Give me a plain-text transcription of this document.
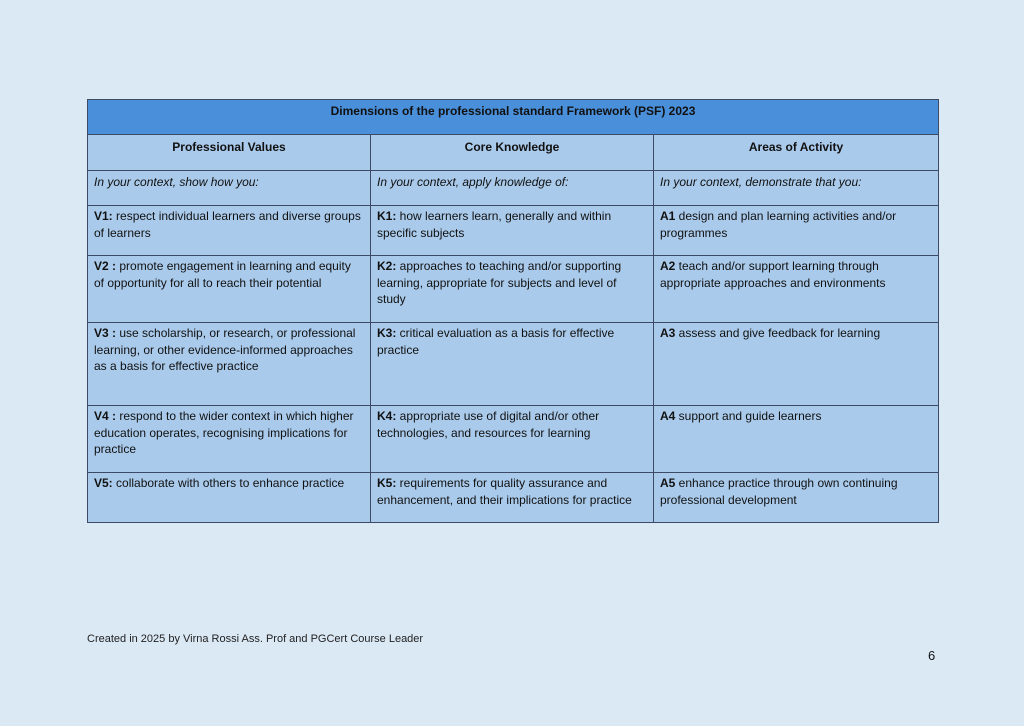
Dimensions of the professional standard Framework (PSF) 2023		
Professional Values	Core Knowledge	Areas of Activity
In your context, show how you:	In your context, apply knowledge of:	In your context, demonstrate that you:
V1: respect individual learners and diverse groups of learners	K1: how learners learn, generally and within specific subjects	A1 design and plan learning activities and/or programmes
V2 : promote engagement in learning and equity of opportunity for all to reach their potential	K2: approaches to teaching and/or supporting learning, appropriate for subjects and level of study	A2 teach and/or support learning through appropriate approaches and environments
V3 : use scholarship, or research, or professional learning, or other evidence-informed approaches as a basis for effective practice	K3: critical evaluation as a basis for effective practice	A3 assess and give feedback for learning
V4 : respond to the wider context in which higher education operates, recognising implications for practice	K4: appropriate use of digital and/or other technologies, and resources for learning	A4 support and guide learners
V5: collaborate with others to enhance practice	K5: requirements for quality assurance and enhancement, and their implications for practice	A5 enhance practice through own continuing professional development
Created in 2025 by Virna Rossi Ass. Prof and PGCert Course Leader
6
